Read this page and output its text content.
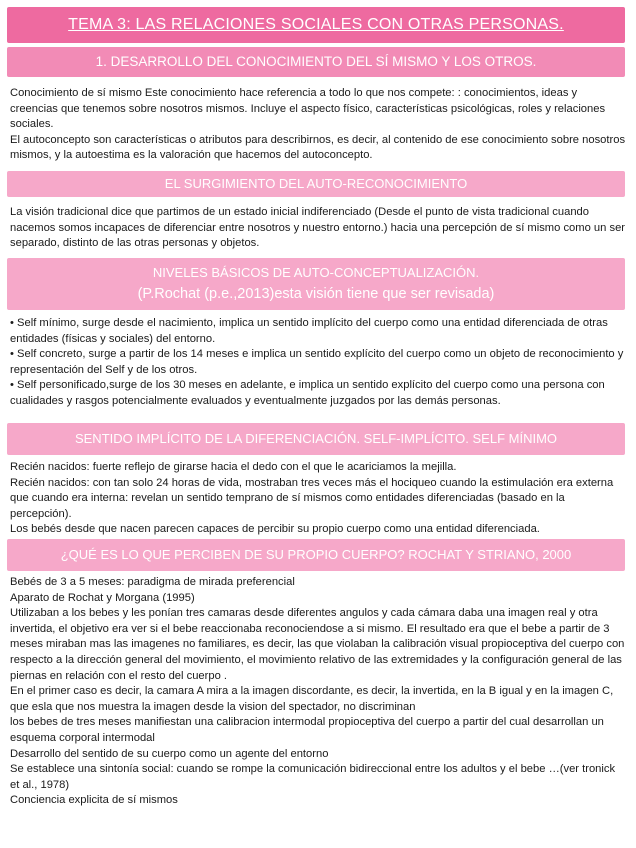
TEMA 3: LAS RELACIONES SOCIALES CON OTRAS PERSONAS.
1. DESARROLLO DEL CONOCIMIENTO DEL SÍ MISMO Y LOS OTROS.

Conocimiento de sí mismo Este conocimiento hace referencia a todo lo que nos compete: : conocimientos, ideas y creencias que tenemos sobre nosotros mismos. Incluye el aspecto físico, características psicológicas, roles y relaciones sociales.

El autoconcepto son características o atributos para describirnos, es decir, al contenido de ese conocimiento sobre nosotros mismos, y la autoestima es la valoración que hacemos del autoconcepto.

EL SURGIMIENTO DEL AUTO-RECONOCIMIENTO

La visión tradicional dice que partimos de un estado inicial indiferenciado (Desde el punto de vista tradicional cuando nacemos somos incapaces de diferenciar entre nosotros y nuestro entorno.) hacia una percepción de sí mismo como un ser separado, distinto de las otras personas y objetos.

NIVELES BÁSICOS DE AUTO-CONCEPTUALIZACIÓN.
(P.Rochat (p.e.,2013)esta visión tiene que ser revisada)

• Self mínimo, surge desde el nacimiento, implica un sentido implícito del cuerpo como una entidad diferenciada de otras entidades (físicas y sociales) del entorno.

• Self concreto, surge a partir de los 14 meses e implica un sentido explícito del cuerpo como un objeto de reconocimiento y representación del Self y de los otros.

• Self personificado,surge de los 30 meses en adelante, e implica un sentido explícito del cuerpo como una persona con cualidades y rasgos potencialmente evaluados y eventualmente juzgados por las demás personas.

SENTIDO IMPLÍCITO DE LA DIFERENCIACIÓN. SELF-IMPLÍCITO. SELF MÍNIMO

Recién nacidos: fuerte reflejo de girarse hacia el dedo con el que le acariciamos la mejilla.

Recién nacidos: con tan solo 24 horas de vida, mostraban tres veces más el hociqueo cuando la estimulación era externa que cuando era interna: revelan un sentido temprano de sí mismos como entidades diferenciadas (basado en la percepción).

Los bebés desde que nacen parecen capaces de percibir su propio cuerpo como una entidad diferenciada.

¿QUÉ ES LO QUE PERCIBEN DE SU PROPIO CUERPO? ROCHAT Y STRIANO, 2000

Bebés de 3 a 5 meses: paradigma de mirada preferencial

Aparato de Rochat y Morgana (1995)

Utilizaban a los bebes y les ponían tres camaras desde diferentes angulos y cada cámara daba una imagen real y otra invertida, el objetivo era ver si el bebe reaccionaba reconociendose a si mismo. El resultado era que el bebe a partir de 3 meses miraban mas las imagenes no familiares, es decir, las que violaban la calibración visual propioceptiva del cuerpo con respecto a la dirección general del movimiento, el movimiento relativo de las extremidades y la configuración general de las piernas en relación con el resto del cuerpo .

En el primer caso es decir, la camara A mira a la imagen discordante, es decir, la invertida, en la B igual y en la imagen C, que esla que nos muestra la imagen desde la vision del spectador, no discriminan

los bebes de tres meses manifiestan una calibracion intermodal propioceptiva del cuerpo a partir del cual desarrollan un esquema corporal intermodal

Desarrollo del sentido de su cuerpo como un agente del entorno

Se establece una sintonía social: cuando se rompe la comunicación bidireccional entre los adultos y el bebe …(ver tronick et al., 1978)

Conciencia explicita de sí mismos
